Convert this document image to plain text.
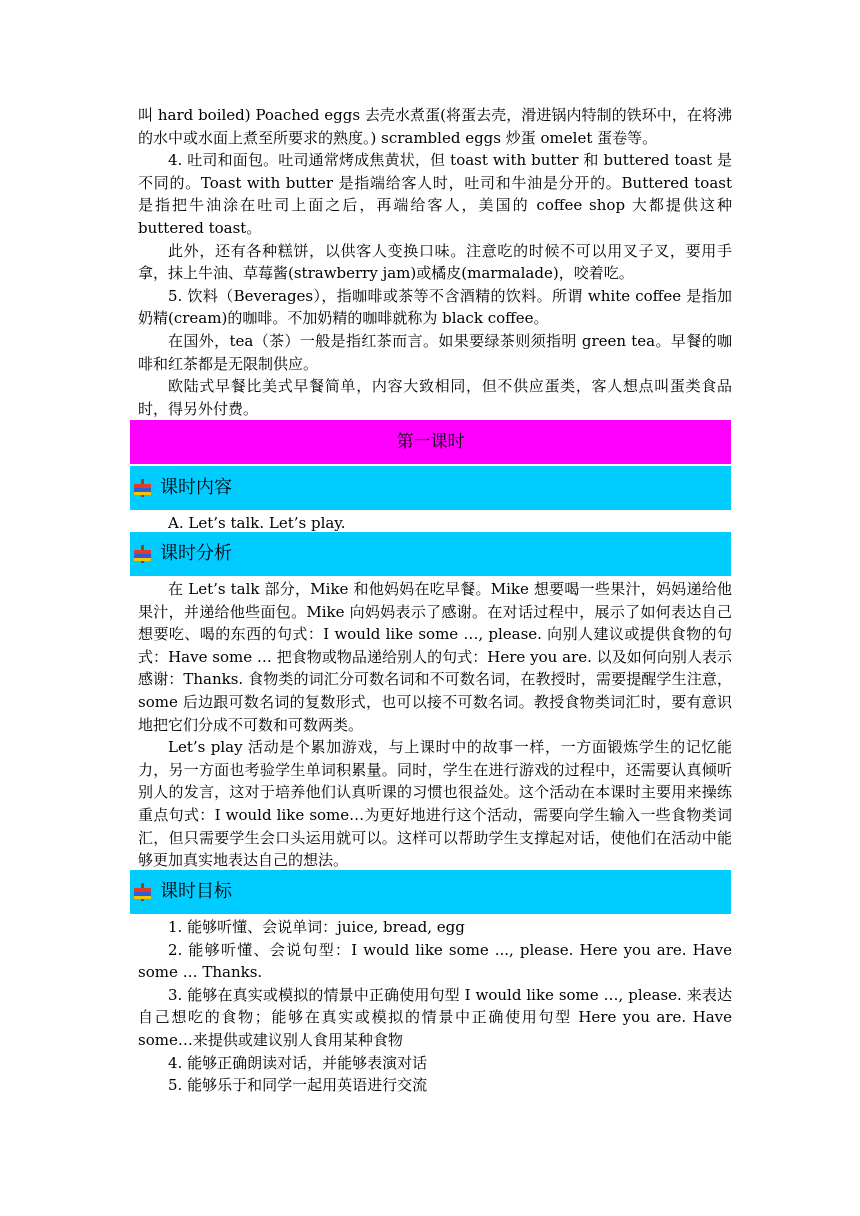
叫 hard boiled) Poached eggs 去壳水煮蛋(将蛋去壳，滑进锅内特制的铁环中，在将沸的水中或水面上煮至所要求的熟度。) scrambled eggs 炒蛋 omelet 蛋卷等。

4. 吐司和面包。吐司通常烤成焦黄状，但 toast with butter 和 buttered toast 是不同的。Toast with butter 是指端给客人时，吐司和牛油是分开的。Buttered toast 是指把牛油涂在吐司上面之后，再端给客人，美国的 coffee shop 大都提供这种 buttered toast。

此外，还有各种糕饼，以供客人变换口味。注意吃的时候不可以用叉子叉，要用手拿，抹上牛油、草莓酱(strawberry jam)或橘皮(marmalade)，咬着吃。

5. 饮料（Beverages），指咖啡或茶等不含酒精的饮料。所谓 white coffee 是指加奶精(cream)的咖啡。不加奶精的咖啡就称为 black coffee。

在国外，tea（茶）一般是指红茶而言。如果要绿茶则须指明 green tea。早餐的咖啡和红茶都是无限制供应。

欧陆式早餐比美式早餐简单，内容大致相同，但不供应蛋类，客人想点叫蛋类食品时，得另外付费。

第一课时
课时内容

A. Let’s talk. Let’s play.

课时分析

在 Let’s talk 部分，Mike 和他妈妈在吃早餐。Mike 想要喝一些果汁，妈妈递给他果汁，并递给他些面包。Mike 向妈妈表示了感谢。在对话过程中，展示了如何表达自己想要吃、喝的东西的句式：I would like some …, please. 向别人建议或提供食物的句式：Have some … 把食物或物品递给别人的句式：Here you are. 以及如何向别人表示感谢：Thanks. 食物类的词汇分可数名词和不可数名词，在教授时，需要提醒学生注意，some 后边跟可数名词的复数形式，也可以接不可数名词。教授食物类词汇时，要有意识地把它们分成不可数和可数两类。

Let’s play 活动是个累加游戏，与上课时中的故事一样，一方面锻炼学生的记忆能力，另一方面也考验学生单词积累量。同时，学生在进行游戏的过程中，还需要认真倾听别人的发言，这对于培养他们认真听课的习惯也很益处。这个活动在本课时主要用来操练重点句式：I would like some…为更好地进行这个活动，需要向学生输入一些食物类词汇，但只需要学生会口头运用就可以。这样可以帮助学生支撑起对话，使他们在活动中能够更加真实地表达自己的想法。

课时目标

1. 能够听懂、会说单词：juice, bread, egg

2. 能够听懂、会说句型：I would like some ..., please. Here you are. Have some … Thanks.

3. 能够在真实或模拟的情景中正确使用句型 I would like some …, please. 来表达自己想吃的食物；能够在真实或模拟的情景中正确使用句型 Here you are. Have some…来提供或建议别人食用某种食物

4. 能够正确朗读对话，并能够表演对话

5. 能够乐于和同学一起用英语进行交流
